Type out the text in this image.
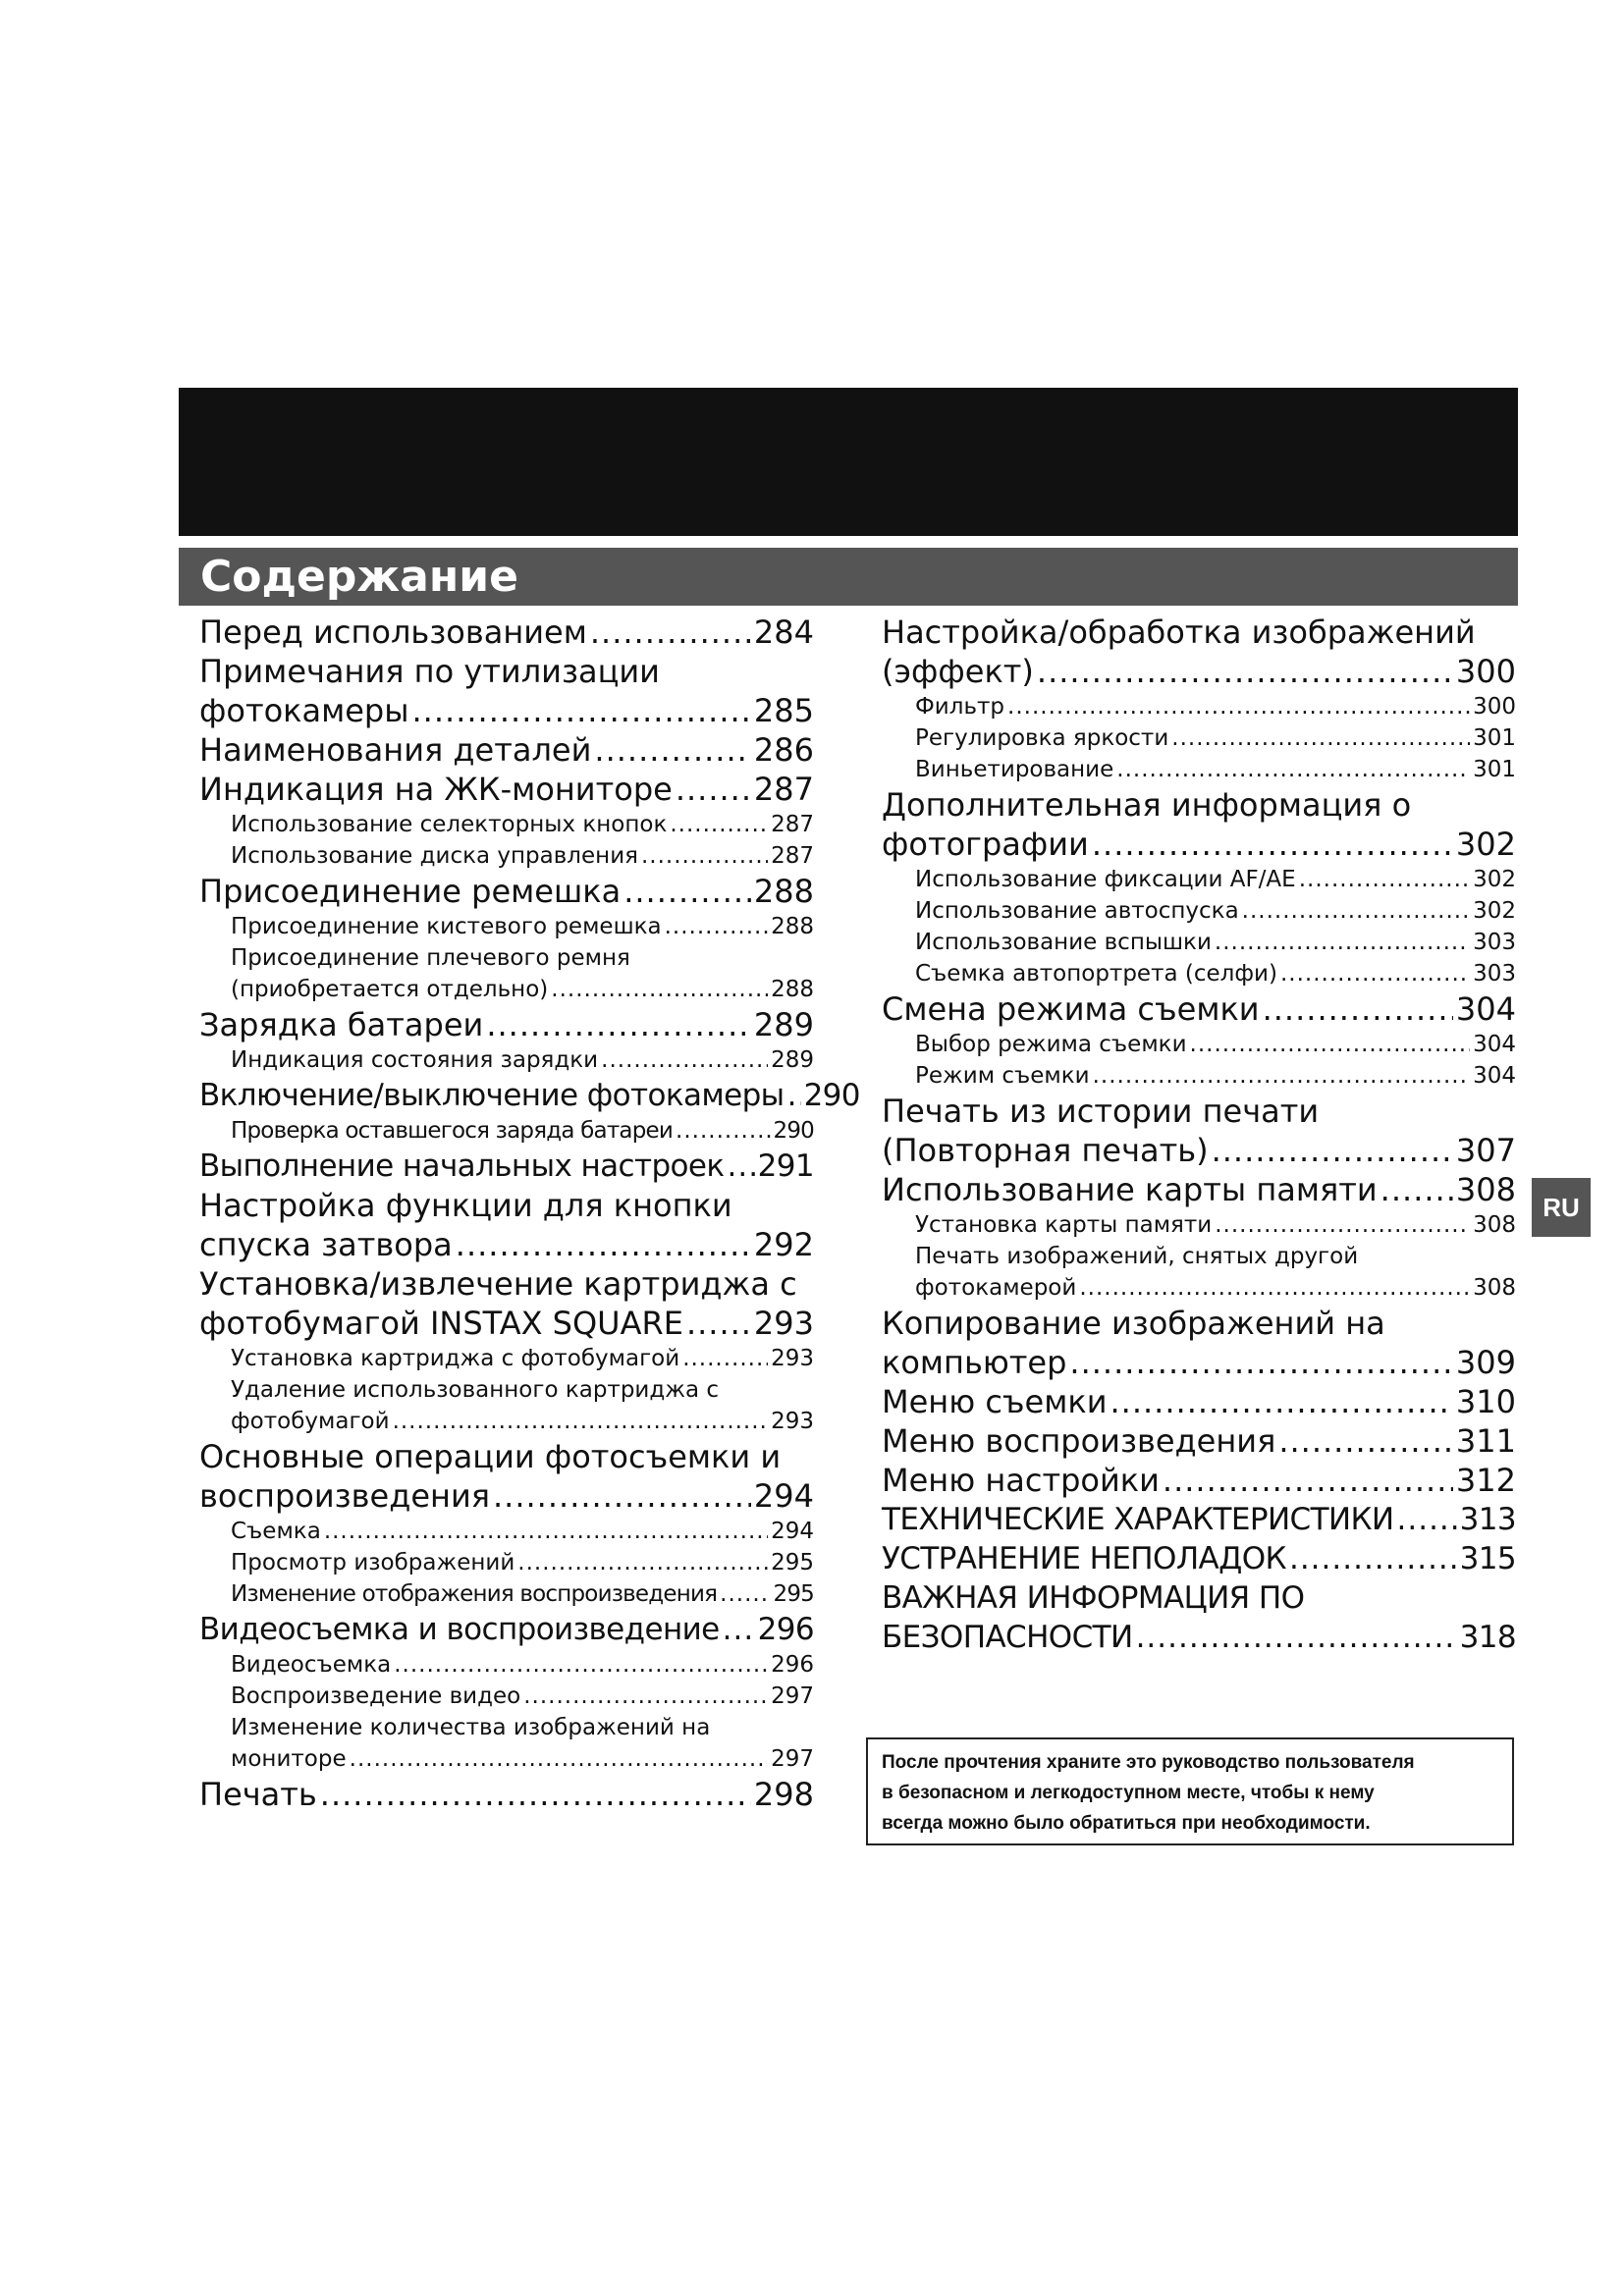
Содержание
Перед использованием .....	284
Примечания по утилизации
фотокамеры .....	285
Наименования деталей .....	286
Индикация на ЖК-мониторе .....	287
Использование селекторных кнопок .....	287
Использование диска управления .....	287
Присоединение ремешка .....	288
Присоединение кистевого ремешка .....	288
Присоединение плечевого ремня
(приобретается отдельно) .....	288
Зарядка батареи .....	289
Индикация состояния зарядки .....	289
Включение/выключение фотокамеры ..... 290
Проверка оставшегося заряда батареи .....	290
Выполнение начальных настроек ..... 291
Настройка функции для кнопки
спуска затвора .....	292
Установка/извлечение картриджа с
фотобумагой INSTAX SQUARE ..... 293
Установка картриджа с фотобумагой .....	293
Удаление использованного картриджа с
фотобумагой .....	293
Основные операции фотосъемки и
воспроизведения .....	294
Съемка .....	294
Просмотр изображений .....	295
Изменение отображения воспроизведения ..... 295
Видеосъемка и воспроизведение ..... 296
Видеосъемка .....	296
Воспроизведение видео .....	297
Изменение количества изображений на
мониторе .....	297
Печать .....	298
Настройка/обработка изображений
(эффект) .....	300
Фильтр .....	300
Регулировка яркости .....	301
Виньетирование .....	301
Дополнительная информация о
фотографии .....	302
Использование фиксации AF/AE .....	302
Использование автоспуска .....	302
Использование вспышки .....	303
Съемка автопортрета (селфи) .....	303
Смена режима съемки .....	304
Выбор режима съемки .....	304
Режим съемки .....	304
Печать из истории печати
(Повторная печать) .....	307
Использование карты памяти .....	308
Установка карты памяти .....	308
Печать изображений, снятых другой
фотокамерой .....	308
Копирование изображений на
компьютер .....	309
Меню съемки .....	310
Меню воспроизведения .....	311
Меню настройки .....	312
ТЕХНИЧЕСКИЕ ХАРАКТЕРИСТИКИ ..... 313
УСТРАНЕНИЕ НЕПОЛАДОК .....	315
ВАЖНАЯ ИНФОРМАЦИЯ ПО
БЕЗОПАСНОСТИ .....	318
RU
После прочтения храните это руководство пользователя
в безопасном и легкодоступном месте, чтобы к нему
всегда можно было обратиться при необходимости.
